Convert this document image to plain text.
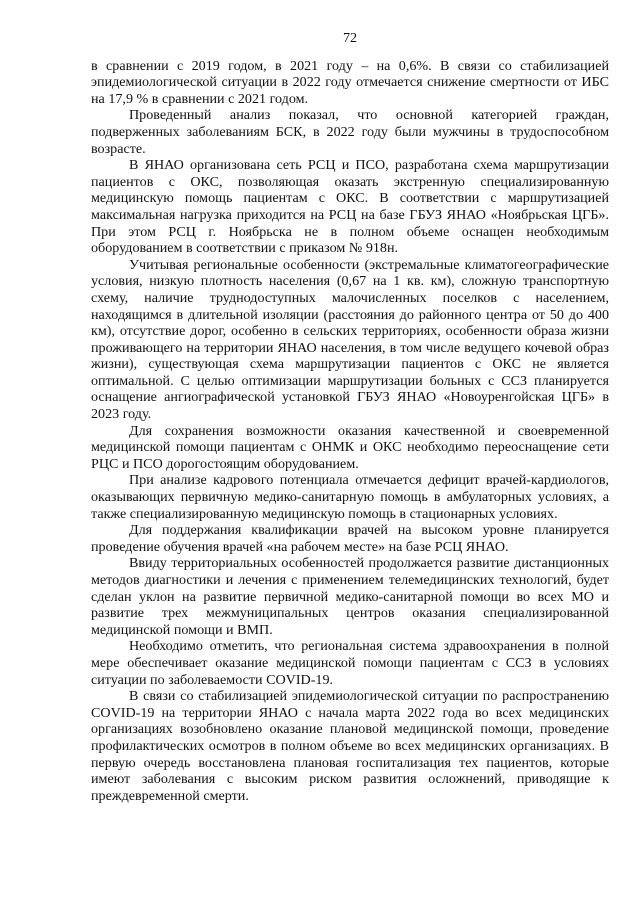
72

в сравнении с 2019 годом, в 2021 году – на 0,6%. В связи со стабилизацией эпидемиологической ситуации в 2022 году отмечается снижение смертности от ИБС на 17,9 % в сравнении с 2021 годом.

Проведенный анализ показал, что основной категорией граждан, подверженных заболеваниям БСК, в 2022 году были мужчины в трудоспособном возрасте.

В ЯНАО организована сеть РСЦ и ПСО, разработана схема маршрутизации пациентов с ОКС, позволяющая оказать экстренную специализированную медицинскую помощь пациентам с ОКС. В соответствии с маршрутизацией максимальная нагрузка приходится на РСЦ на базе ГБУЗ ЯНАО «Ноябрьская ЦГБ». При этом РСЦ г. Ноябрьска не в полном объеме оснащен необходимым оборудованием в соответствии с приказом № 918н.

Учитывая региональные особенности (экстремальные климатогеографические условия, низкую плотность населения (0,67 на 1 кв. км), сложную транспортную схему, наличие труднодоступных малочисленных поселков с населением, находящимся в длительной изоляции (расстояния до районного центра от 50 до 400 км), отсутствие дорог, особенно в сельских территориях, особенности образа жизни проживающего на территории ЯНАО населения, в том числе ведущего кочевой образ жизни), существующая схема маршрутизации пациентов с ОКС не является оптимальной. С целью оптимизации маршрутизации больных с ССЗ планируется оснащение ангиографической установкой ГБУЗ ЯНАО «Новоуренгойская ЦГБ» в 2023 году.

Для сохранения возможности оказания качественной и своевременной медицинской помощи пациентам с ОНМК и ОКС необходимо переоснащение сети РЦС и ПСО дорогостоящим оборудованием.

При анализе кадрового потенциала отмечается дефицит врачей-кардиологов, оказывающих первичную медико-санитарную помощь в амбулаторных условиях, а также специализированную медицинскую помощь в стационарных условиях.

Для поддержания квалификации врачей на высоком уровне планируется проведение обучения врачей «на рабочем месте» на базе РСЦ ЯНАО.

Ввиду территориальных особенностей продолжается развитие дистанционных методов диагностики и лечения с применением телемедицинских технологий, будет сделан уклон на развитие первичной медико-санитарной помощи во всех МО и развитие трех межмуниципальных центров оказания специализированной медицинской помощи и ВМП.

Необходимо отметить, что региональная система здравоохранения в полной мере обеспечивает оказание медицинской помощи пациентам с ССЗ в условиях ситуации по заболеваемости COVID-19.

В связи со стабилизацией эпидемиологической ситуации по распространению COVID-19 на территории ЯНАО с начала марта 2022 года во всех медицинских организациях возобновлено оказание плановой медицинской помощи, проведение профилактических осмотров в полном объеме во всех медицинских организациях. В первую очередь восстановлена плановая госпитализация тех пациентов, которые имеют заболевания с высоким риском развития осложнений, приводящие к преждевременной смерти.
